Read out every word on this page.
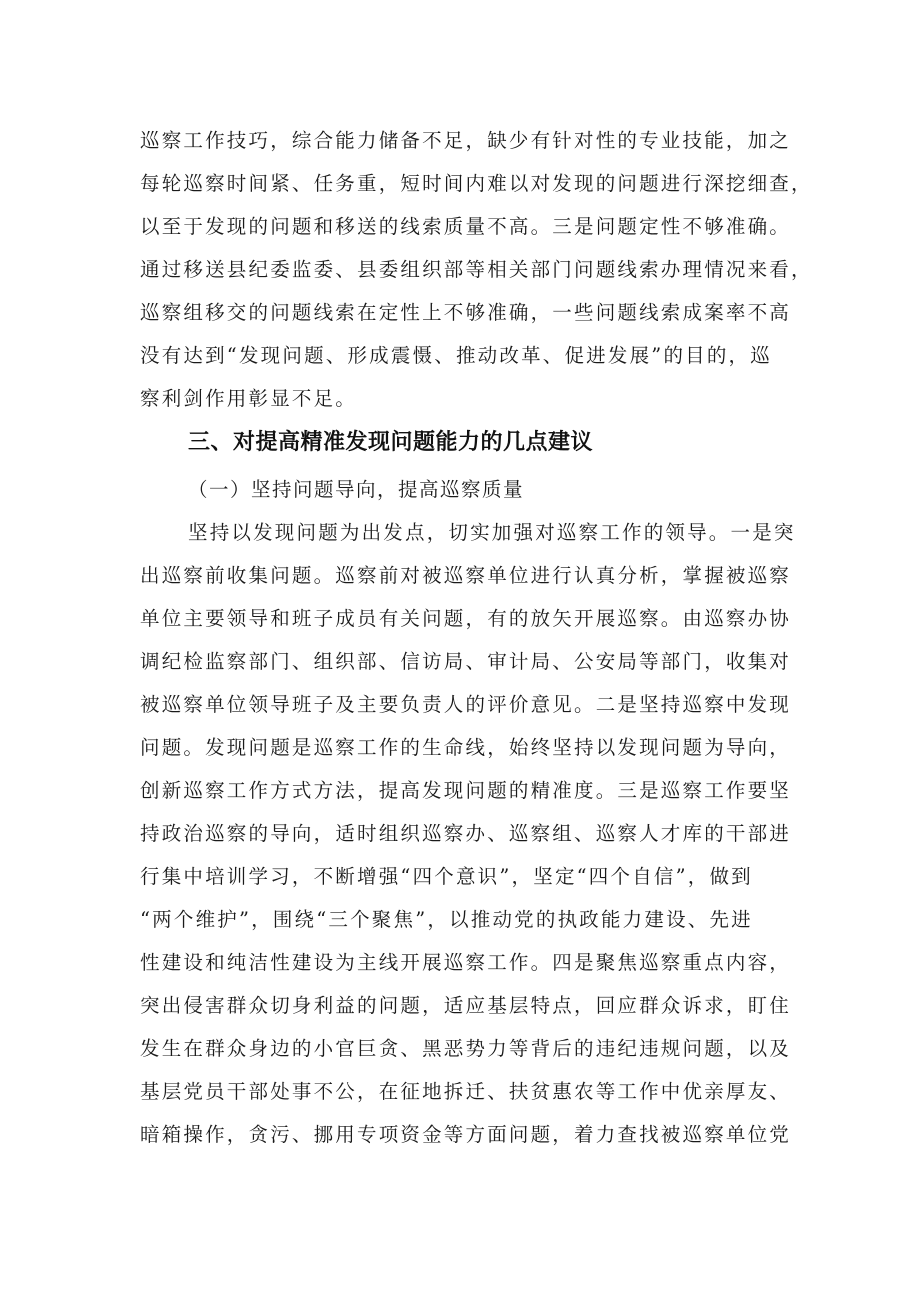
巡察工作技巧，综合能力储备不足，缺少有针对性的专业技能，加之
每轮巡察时间紧、任务重，短时间内难以对发现的问题进行深挖细查，
以至于发现的问题和移送的线索质量不高。三是问题定性不够准确。
通过移送县纪委监委、县委组织部等相关部门问题线索办理情况来看，
巡察组移交的问题线索在定性上不够准确，一些问题线索成案率不高
没有达到“发现问题、形成震慑、推动改革、促进发展”的目的，巡
察利剑作用彰显不足。
三、对提高精准发现问题能力的几点建议
（一）坚持问题导向，提高巡察质量
坚持以发现问题为出发点，切实加强对巡察工作的领导。一是突
出巡察前收集问题。巡察前对被巡察单位进行认真分析，掌握被巡察
单位主要领导和班子成员有关问题，有的放矢开展巡察。由巡察办协
调纪检监察部门、组织部、信访局、审计局、公安局等部门，收集对
被巡察单位领导班子及主要负责人的评价意见。二是坚持巡察中发现
问题。发现问题是巡察工作的生命线，始终坚持以发现问题为导向，
创新巡察工作方式方法，提高发现问题的精准度。三是巡察工作要坚
持政治巡察的导向，适时组织巡察办、巡察组、巡察人才库的干部进
行集中培训学习，不断增强“四个意识”，坚定“四个自信”，做到
“两个维护”，围绕“三个聚焦”，以推动党的执政能力建设、先进
性建设和纯洁性建设为主线开展巡察工作。四是聚焦巡察重点内容，
突出侵害群众切身利益的问题，适应基层特点，回应群众诉求，盯住
发生在群众身边的小官巨贪、黑恶势力等背后的违纪违规问题，以及
基层党员干部处事不公，在征地拆迁、扶贫惠农等工作中优亲厚友、
暗箱操作，贪污、挪用专项资金等方面问题，着力查找被巡察单位党
